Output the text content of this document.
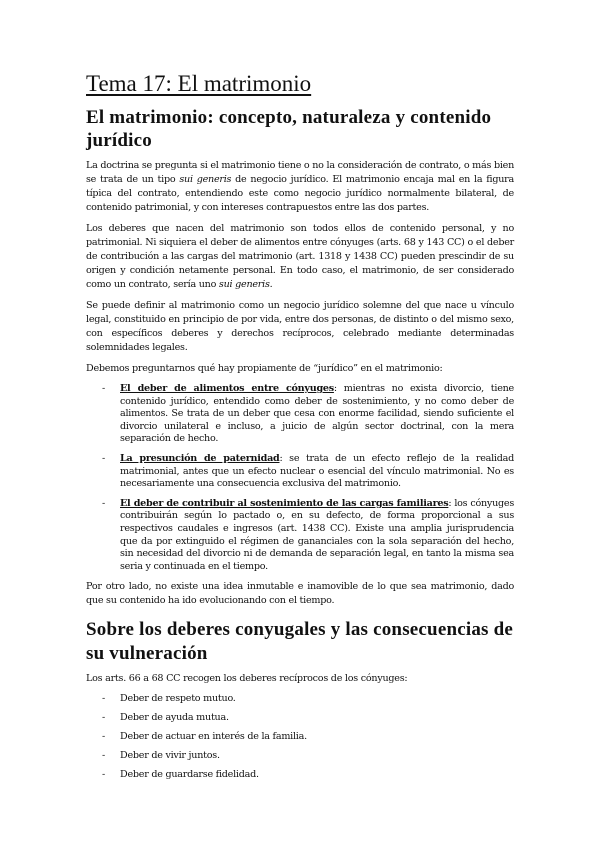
Tema 17: El matrimonio
El matrimonio: concepto, naturaleza y contenido jurídico

La doctrina se pregunta si el matrimonio tiene o no la consideración de contrato, o más bien se trata de un tipo sui generis de negocio jurídico. El matrimonio encaja mal en la figura típica del contrato, entendiendo este como negocio jurídico normalmente bilateral, de contenido patrimonial, y con intereses contrapuestos entre las dos partes.

Los deberes que nacen del matrimonio son todos ellos de contenido personal, y no patrimonial. Ni siquiera el deber de alimentos entre cónyuges (arts. 68 y 143 CC) o el deber de contribución a las cargas del matrimonio (art. 1318 y 1438 CC) pueden prescindir de su origen y condición netamente personal. En todo caso, el matrimonio, de ser considerado como un contrato, sería uno sui generis.

Se puede definir al matrimonio como un negocio jurídico solemne del que nace u vínculo legal, constituido en principio de por vida, entre dos personas, de distinto o del mismo sexo, con específicos deberes y derechos recíprocos, celebrado mediante determinadas solemnidades legales.

Debemos preguntarnos qué hay propiamente de “jurídico” en el matrimonio:

- El deber de alimentos entre cónyuges: mientras no exista divorcio, tiene contenido jurídico, entendido como deber de sostenimiento, y no como deber de alimentos. Se trata de un deber que cesa con enorme facilidad, siendo suficiente el divorcio unilateral e incluso, a juicio de algún sector doctrinal, con la mera separación de hecho.
- La presunción de paternidad: se trata de un efecto reflejo de la realidad matrimonial, antes que un efecto nuclear o esencial del vínculo matrimonial. No es necesariamente una consecuencia exclusiva del matrimonio.
- El deber de contribuir al sostenimiento de las cargas familiares: los cónyuges contribuirán según lo pactado o, en su defecto, de forma proporcional a sus respectivos caudales e ingresos (art. 1438 CC). Existe una amplia jurisprudencia que da por extinguido el régimen de gananciales con la sola separación del hecho, sin necesidad del divorcio ni de demanda de separación legal, en tanto la misma sea seria y continuada en el tiempo.

Por otro lado, no existe una idea inmutable e inamovible de lo que sea matrimonio, dado que su contenido ha ido evolucionando con el tiempo.

Sobre los deberes conyugales y las consecuencias de su vulneración

Los arts. 66 a 68 CC recogen los deberes recíprocos de los cónyuges:

- Deber de respeto mutuo.
- Deber de ayuda mutua.
- Deber de actuar en interés de la familia.
- Deber de vivir juntos.
- Deber de guardarse fidelidad.
